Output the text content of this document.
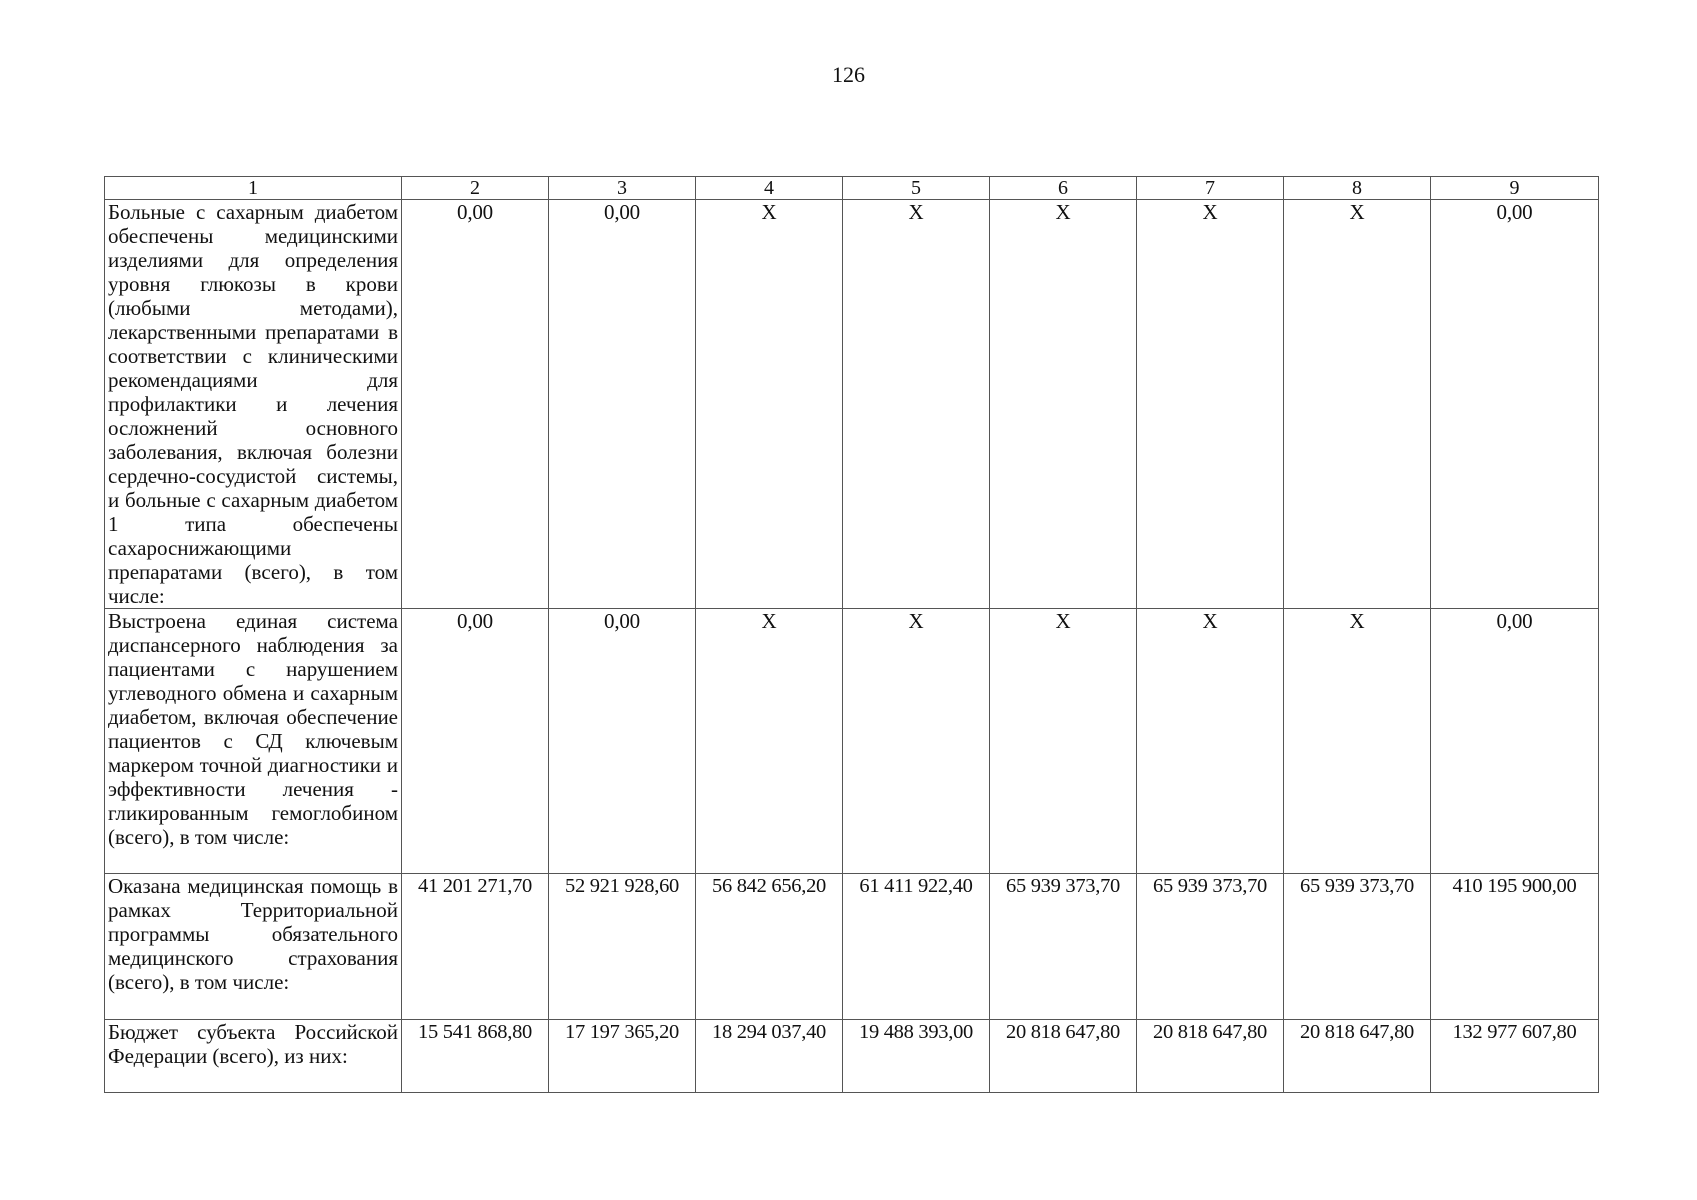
126
1	2	3	4	5	6	7	8	9
Больные с сахарным диабетом обеспечены медицинскими изделиями для определения уровня глюкозы в крови (любыми методами), лекарственными препаратами в соответствии с клиническими рекомендациями для профилактики и лечения осложнений основного заболевания, включая болезни сердечно-сосудистой системы, и больные с сахарным диабетом 1 типа обеспечены сахароснижающими препаратами (всего), в том числе:	0,00	0,00	X	X	X	X	X	0,00
Выстроена единая система диспансерного наблюдения за пациентами с нарушением углеводного обмена и сахарным диабетом, включая обеспечение пациентов с СД ключевым маркером точной диагностики и эффективности лечения - гликированным гемоглобином (всего), в том числе:	0,00	0,00	X	X	X	X	X	0,00
Оказана медицинская помощь в рамках Территориальной программы обязательного медицинского страхования (всего), в том числе:	41 201 271,70	52 921 928,60	56 842 656,20	61 411 922,40	65 939 373,70	65 939 373,70	65 939 373,70	410 195 900,00
Бюджет субъекта Российской Федерации (всего), из них:	15 541 868,80	17 197 365,20	18 294 037,40	19 488 393,00	20 818 647,80	20 818 647,80	20 818 647,80	132 977 607,80
